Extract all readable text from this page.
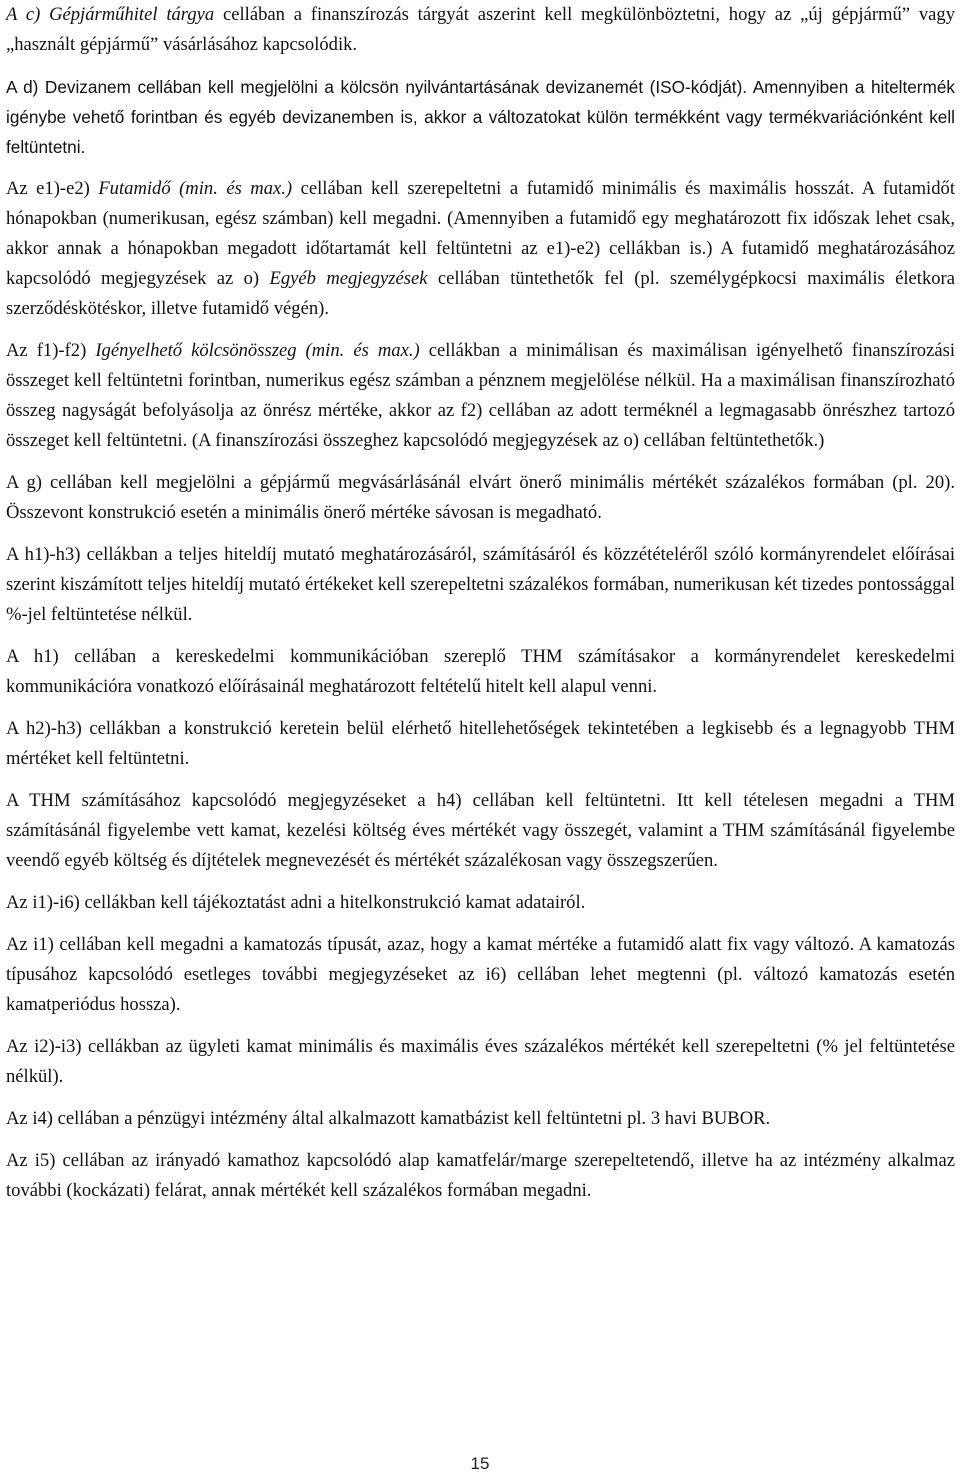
A c) Gépjárműhitel tárgya cellában a finanszírozás tárgyát aszerint kell megkülönböztetni, hogy az „új gépjármű” vagy „használt gépjármű” vásárlásához kapcsolódik.

A d) Devizanem cellában kell megjelölni a kölcsön nyilvántartásának devizanemét (ISO-kódját). Amennyiben a hiteltermék igénybe vehető forintban és egyéb devizanemben is, akkor a változatokat külön termékként vagy termékvariációnként kell feltüntetni.

Az e1)-e2) Futamidő (min. és max.) cellában kell szerepeltetni a futamidő minimális és maximális hosszát. A futamidőt hónapokban (numerikusan, egész számban) kell megadni. (Amennyiben a futamidő egy meghatározott fix időszak lehet csak, akkor annak a hónapokban megadott időtartamát kell feltüntetni az e1)-e2) cellákban is.) A futamidő meghatározásához kapcsolódó megjegyzések az o) Egyéb megjegyzések cellában tüntethetők fel (pl. személygépkocsi maximális életkora szerződéskötéskor, illetve futamidő végén).

Az f1)-f2) Igényelhető kölcsönösszeg (min. és max.) cellákban a minimálisan és maximálisan igényelhető finanszírozási összeget kell feltüntetni forintban, numerikus egész számban a pénznem megjelölése nélkül. Ha a maximálisan finanszírozható összeg nagyságát befolyásolja az önrész mértéke, akkor az f2) cellában az adott terméknél a legmagasabb önrészhez tartozó összeget kell feltüntetni. (A finanszírozási összeghez kapcsolódó megjegyzések az o) cellában feltüntethetők.)

A g) cellában kell megjelölni a gépjármű megvásárlásánál elvárt önerő minimális mértékét százalékos formában (pl. 20). Összevont konstrukció esetén a minimális önerő mértéke sávosan is megadható.

A h1)-h3) cellákban a teljes hiteldíj mutató meghatározásáról, számításáról és közzétételéről szóló kormányrendelet előírásai szerint kiszámított teljes hiteldíj mutató értékeket kell szerepeltetni százalékos formában, numerikusan két tizedes pontossággal %-jel feltüntetése nélkül.

A h1) cellában a kereskedelmi kommunikációban szereplő THM számításakor a kormányrendelet kereskedelmi kommunikációra vonatkozó előírásainál meghatározott feltételű hitelt kell alapul venni.

A h2)-h3) cellákban a konstrukció keretein belül elérhető hitellehetőségek tekintetében a legkisebb és a legnagyobb THM mértéket kell feltüntetni.

A THM számításához kapcsolódó megjegyzéseket a h4) cellában kell feltüntetni. Itt kell tételesen megadni a THM számításánál figyelembe vett kamat, kezelési költség éves mértékét vagy összegét, valamint a THM számításánál figyelembe veendő egyéb költség és díjtételek megnevezését és mértékét százalékosan vagy összegszerűen.

Az i1)-i6) cellákban kell tájékoztatást adni a hitelkonstrukció kamat adatairól.

Az i1) cellában kell megadni a kamatozás típusát, azaz, hogy a kamat mértéke a futamidő alatt fix vagy változó. A kamatozás típusához kapcsolódó esetleges további megjegyzéseket az i6) cellában lehet megtenni (pl. változó kamatozás esetén kamatperiódus hossza).

Az i2)-i3) cellákban az ügyleti kamat minimális és maximális éves százalékos mértékét kell szerepeltetni (% jel feltüntetése nélkül).

Az i4) cellában a pénzügyi intézmény által alkalmazott kamatbázist kell feltüntetni pl. 3 havi BUBOR.

Az i5) cellában az irányadó kamathoz kapcsolódó alap kamatfelár/marge szerepeltetendő, illetve ha az intézmény alkalmaz további (kockázati) felárat, annak mértékét kell százalékos formában megadni.

15
